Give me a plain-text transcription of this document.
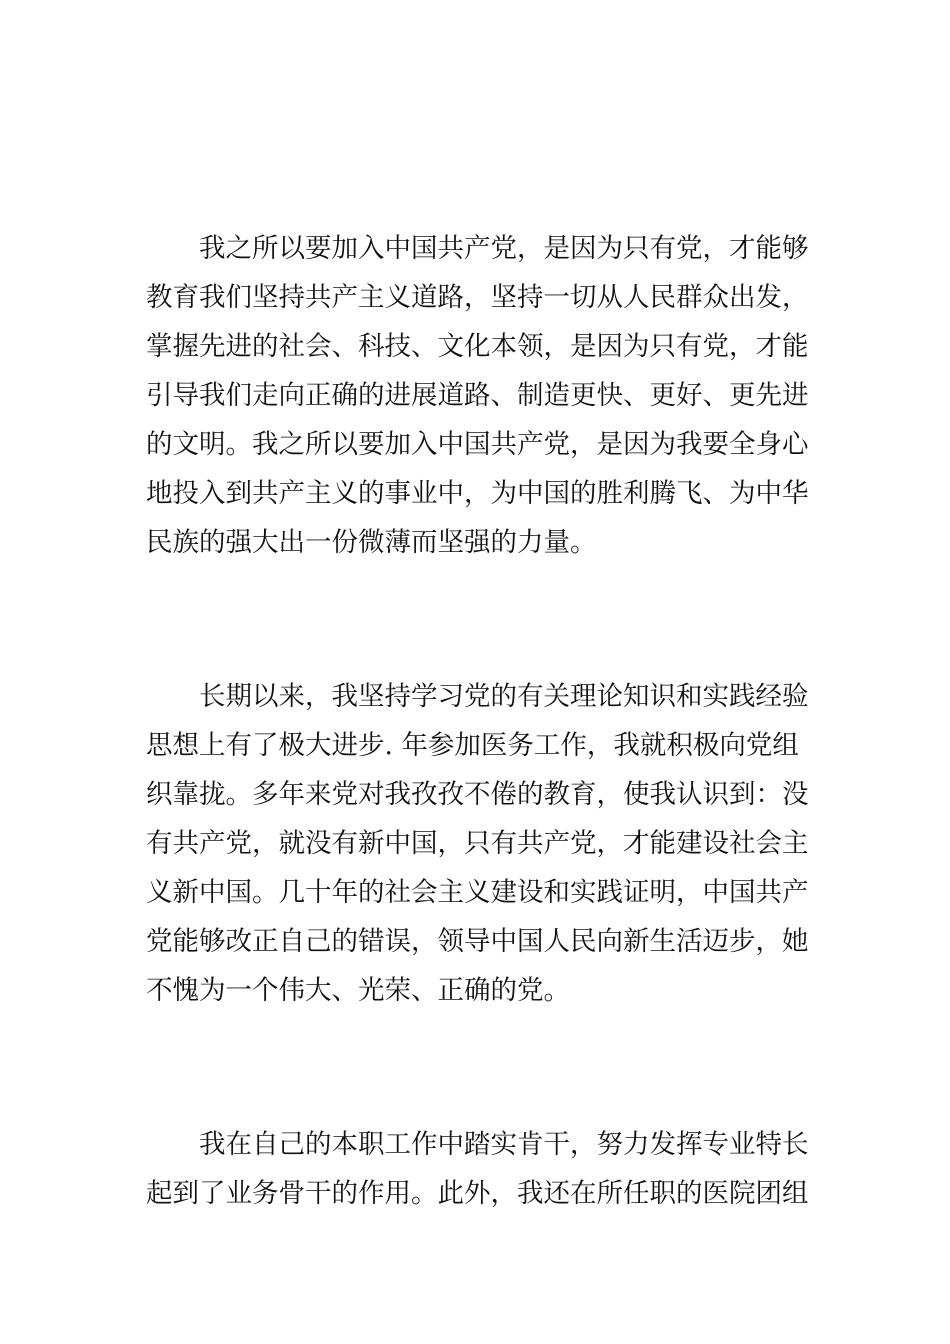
我之所以要加入中国共产党，是因为只有党，才能够
教育我们坚持共产主义道路，坚持一切从人民群众出发，
掌握先进的社会、科技、文化本领，是因为只有党，才能
引导我们走向正确的进展道路、制造更快、更好、更先进
的文明。我之所以要加入中国共产党，是因为我要全身心
地投入到共产主义的事业中，为中国的胜利腾飞、为中华
民族的强大出一份微薄而坚强的力量。
长期以来，我坚持学习党的有关理论知识和实践经验
思想上有了极大进步. 年参加医务工作，我就积极向党组
织靠拢。多年来党对我孜孜不倦的教育，使我认识到：没
有共产党，就没有新中国，只有共产党，才能建设社会主
义新中国。几十年的社会主义建设和实践证明，中国共产
党能够改正自己的错误，领导中国人民向新生活迈步，她
不愧为一个伟大、光荣、正确的党。
我在自己的本职工作中踏实肯干，努力发挥专业特长
起到了业务骨干的作用。此外，我还在所任职的医院团组
